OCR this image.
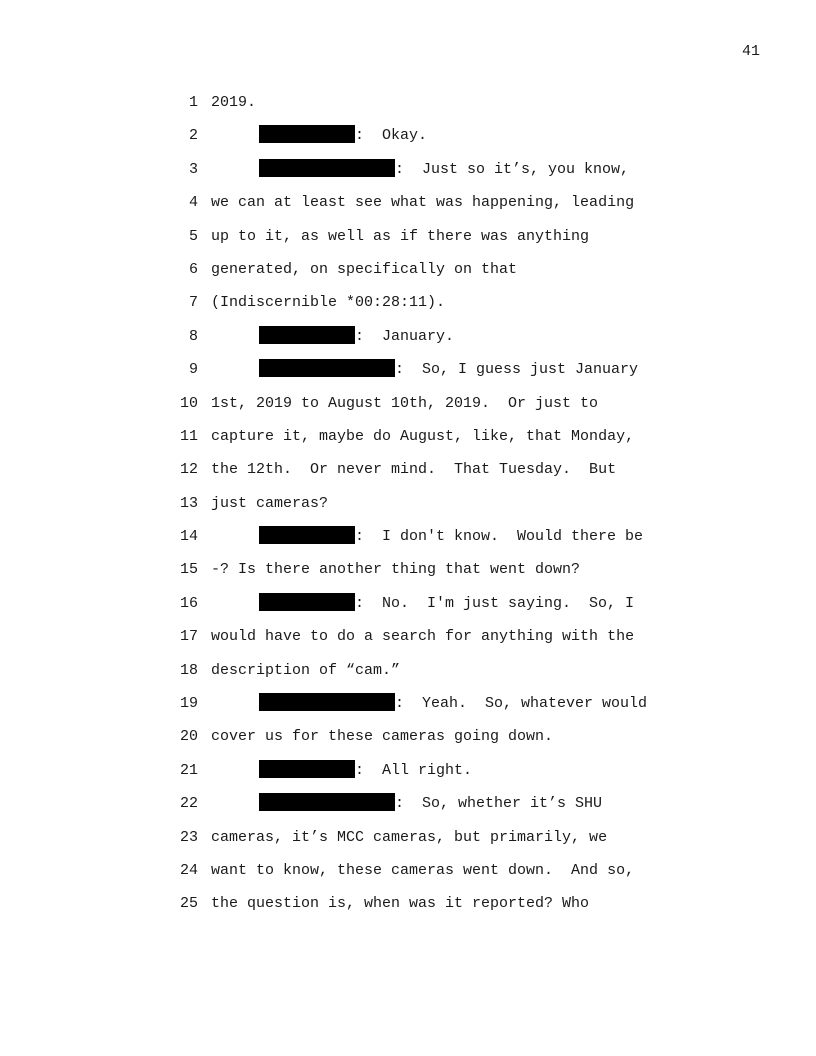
41
1 2019.
2	:  Okay.
3	:  Just so it’s, you know,
4 we can at least see what was happening, leading
5 up to it, as well as if there was anything
6 generated, on specifically on that
7 (Indiscernible *00:28:11).
8	:  January.
9	:  So, I guess just January
10 1st, 2019 to August 10th, 2019.  Or just to
11 capture it, maybe do August, like, that Monday,
12 the 12th.  Or never mind.  That Tuesday.  But
13 just cameras?
14	:  I don't know.  Would there be
15 -? Is there another thing that went down?
16	:  No.  I'm just saying.  So, I
17 would have to do a search for anything with the
18 description of “cam.”
19	:  Yeah.  So, whatever would
20 cover us for these cameras going down.
21	:  All right.
22	:  So, whether it’s SHU
23 cameras, it’s MCC cameras, but primarily, we
24 want to know, these cameras went down.  And so,
25 the question is, when was it reported? Who
